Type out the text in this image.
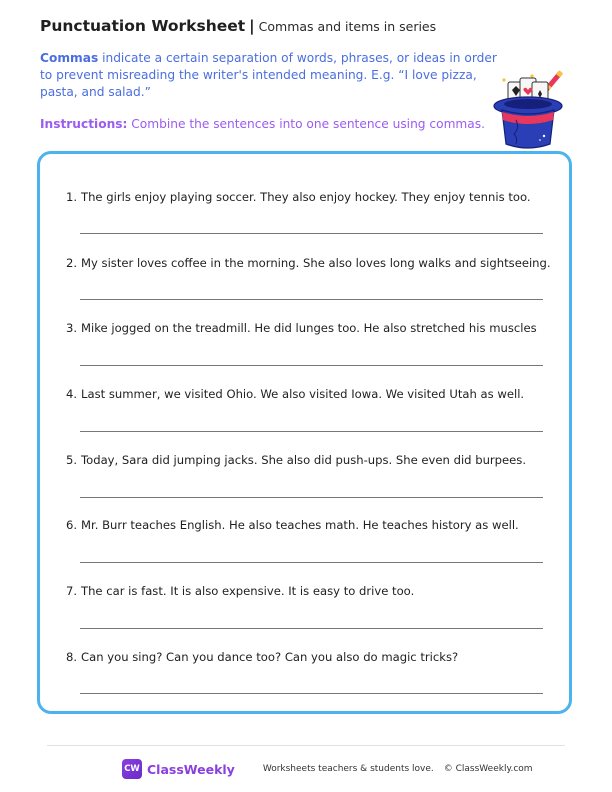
Punctuation Worksheet | Commas and items in series
Commas indicate a certain separation of words, phrases, or ideas in order to prevent misreading the writer's intended meaning. E.g. “I love pizza, pasta, and salad.”
Instructions: Combine the sentences into one sentence using commas.
1. The girls enjoy playing soccer. They also enjoy hockey. They enjoy tennis too.
2. My sister loves coffee in the morning. She also loves long walks and sightseeing.
3. Mike jogged on the treadmill. He did lunges too. He also stretched his muscles
4. Last summer, we visited Ohio. We also visited Iowa. We visited Utah as well.
5. Today, Sara did jumping jacks. She also did push-ups. She even did burpees.
6. Mr. Burr teaches English. He also teaches math. He teaches history as well.
7. The car is fast. It is also expensive. It is easy to drive too.
8. Can you sing? Can you dance too? Can you also do magic tricks?
CW ClassWeekly	Worksheets teachers & students love. © ClassWeekly.com
